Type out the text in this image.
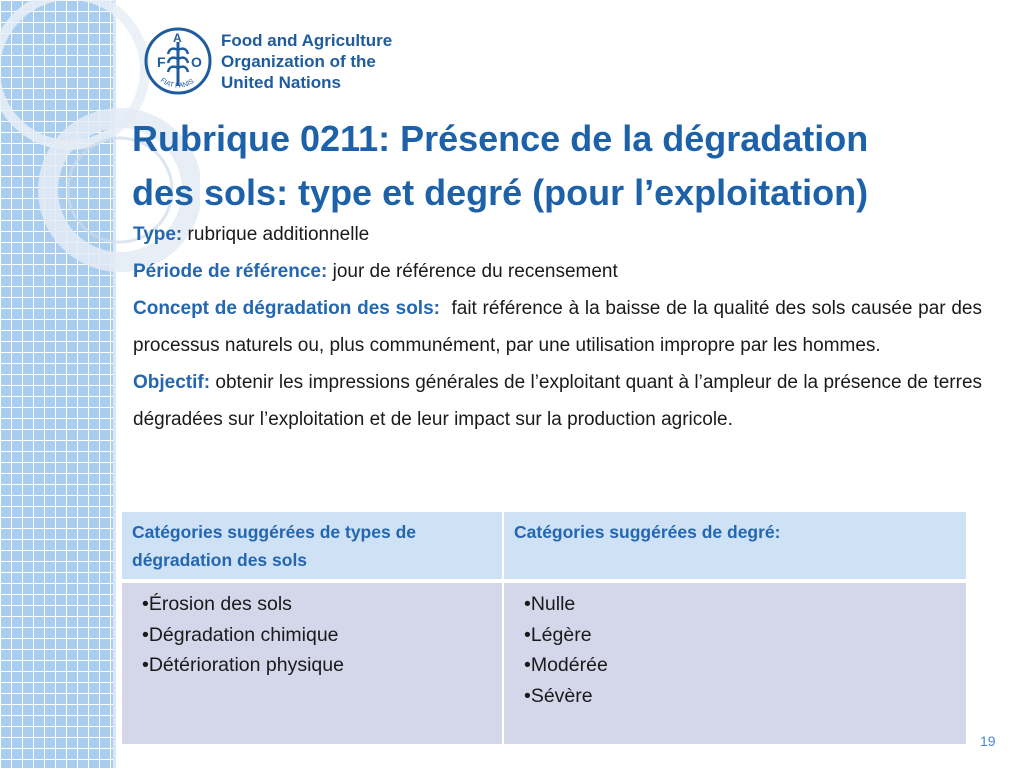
F
A
O
FIAT PANIS
Food and Agriculture
Organization of the
United Nations
Rubrique 0211: Présence de la dégradation
des sols: type et degré (pour l’exploitation)

Type: rubrique additionnelle

Période de référence: jour de référence du recensement

Concept de dégradation des sols: fait référence à la baisse de la qualité des sols causée par des processus naturels ou, plus communément, par une utilisation impropre par les hommes.

Objectif: obtenir les impressions générales de l’exploitant quant à l’ampleur de la présence de terres dégradées sur l’exploitation et de leur impact sur la production agricole.

Catégories suggérées de types de dégradation des sols
Catégories suggérées de degré:
• Érosion des sols
• Dégradation chimique
• Détérioration physique
• Nulle
• Légère
• Modérée
• Sévère
19
